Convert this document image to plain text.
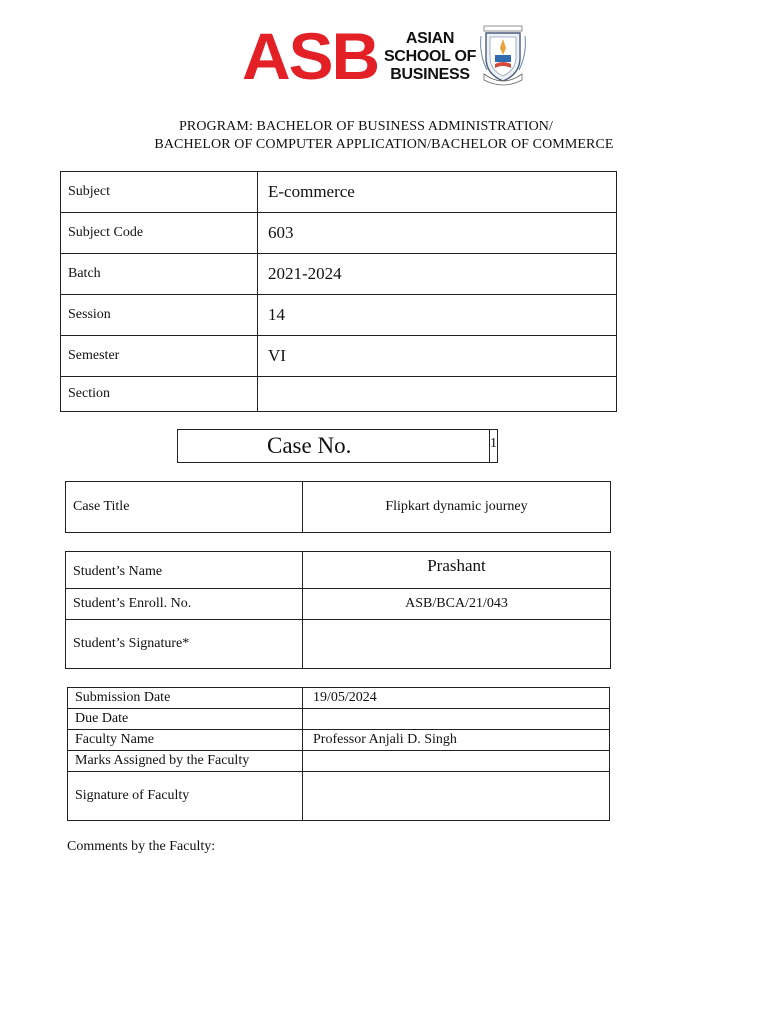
ASB	ASIAN
SCHOOL OF
BUSINESS
PROGRAM: BACHELOR OF BUSINESS ADMINISTRATION/
BACHELOR OF COMPUTER APPLICATION/BACHELOR OF COMMERCE
Subject	E-commerce
Subject Code	603
Batch	2021-2024
Session	14
Semester	VI
Section	
Case No.	1
Case Title	Flipkart dynamic journey
Student’s Name	Prashant
Student’s Enroll. No.	ASB/BCA/21/043
Student’s Signature*	
Submission Date	19/05/2024
Due Date	
Faculty Name	Professor Anjali D. Singh
Marks Assigned by the Faculty	
Signature of Faculty	
Comments by the Faculty:
